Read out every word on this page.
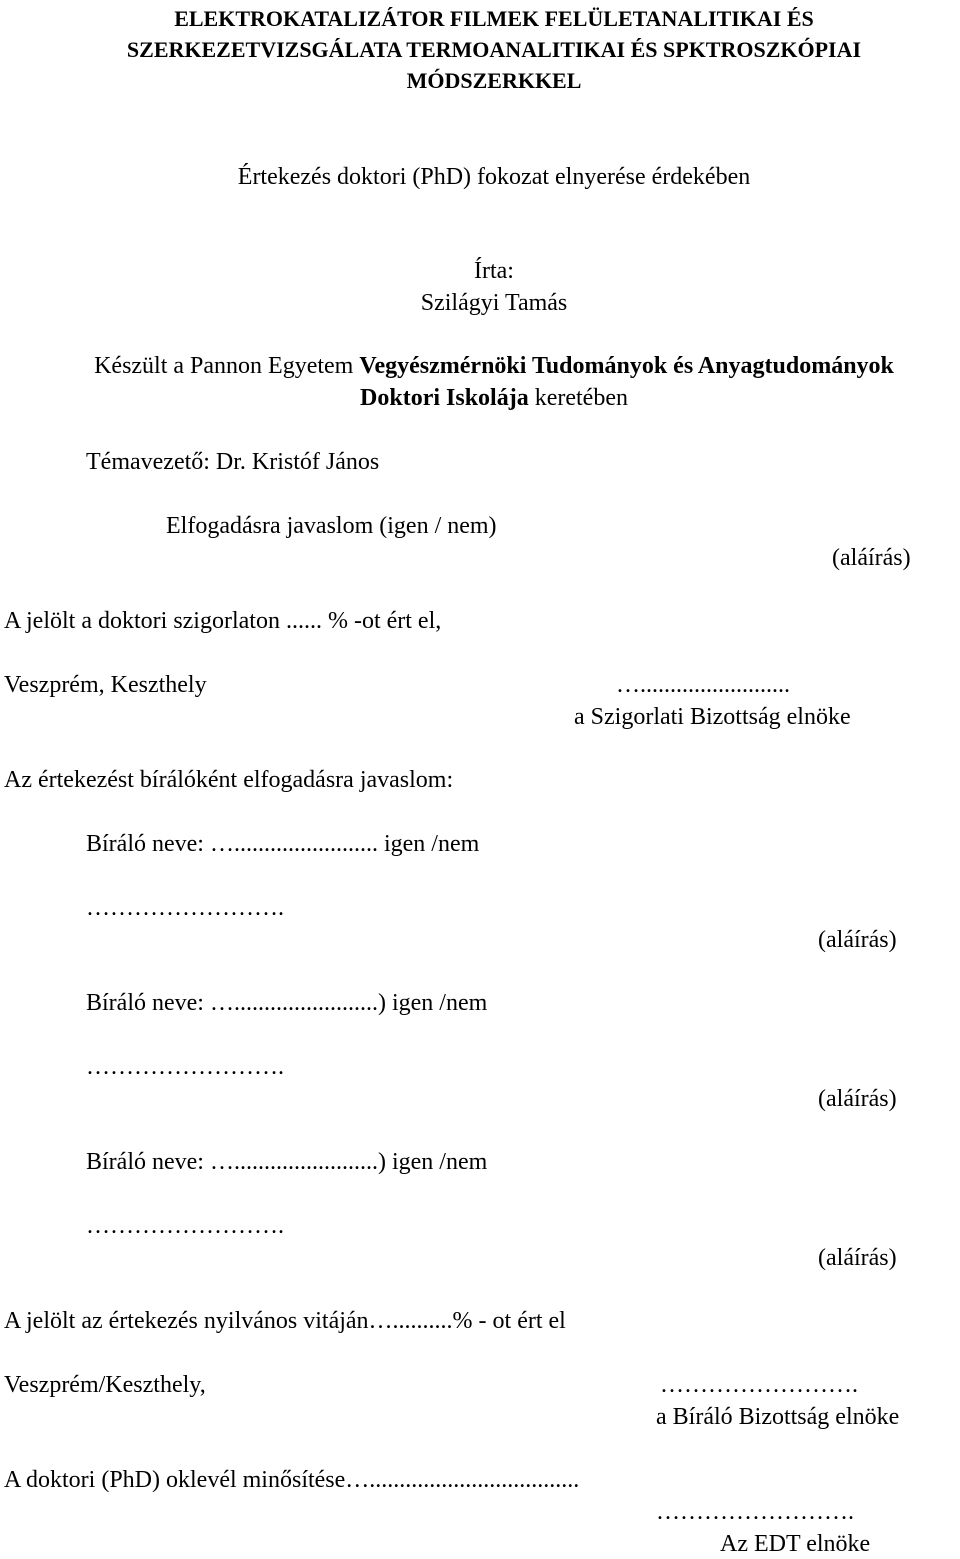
ELEKTROKATALIZÁTOR FILMEK FELÜLETANALITIKAI ÉS
SZERKEZETVIZSGÁLATA TERMOANALITIKAI ÉS SPKTROSZKÓPIAI
MÓDSZERKKEL
Értekezés doktori (PhD) fokozat elnyerése érdekében
Írta:
Szilágyi Tamás
Készült a Pannon Egyetem Vegyészmérnöki Tudományok és Anyagtudományok
Doktori Iskolája keretében
Témavezető: Dr. Kristóf János
Elfogadásra javaslom (igen / nem)
(aláírás)
A jelölt a doktori szigorlaton ...... % -ot ért el,
Veszprém, Keszthely	….........................
a Szigorlati Bizottság elnöke
Az értekezést bírálóként elfogadásra javaslom:
Bíráló neve: …........................ igen /nem
…………………….
(aláírás)
Bíráló neve: …........................) igen /nem
…………………….
(aláírás)
Bíráló neve: …........................) igen /nem
…………………….
(aláírás)
A jelölt az értekezés nyilvános vitáján…..........% - ot ért el
Veszprém/Keszthely,	…………………….
a Bíráló Bizottság elnöke
A doktori (PhD) oklevél minősítése…...................................
…………………….
Az EDT elnöke
